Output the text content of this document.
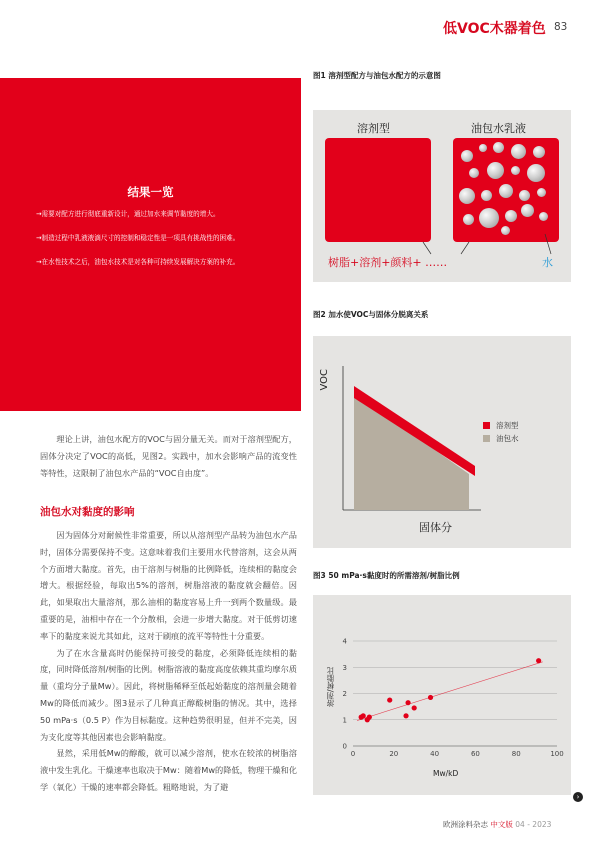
低VOC木器着色 83
结果一览
→需要对配方进行彻底重新设计，通过加水来调节黏度的增大。
→制造过程中乳液液滴尺寸的控制和稳定性是一项具有挑战性的困难。
→在水性技术之后，油包水技术是对各种可持续发展解决方案的补充。

理论上讲，油包水配方的VOC与固分量无关。而对于溶剂型配方，固体分决定了VOC的高低，见图2。实践中，加水会影响产品的流变性等特性，这限制了油包水产品的“VOC自由度”。

油包水对黏度的影响

因为固体分对耐候性非常重要，所以从溶剂型产品转为油包水产品时，固体分需要保持不变。这意味着我们主要用水代替溶剂，这会从两个方面增大黏度。首先，由于溶剂与树脂的比例降低，连续相的黏度会增大。根据经验，每取出5%的溶剂，树脂溶液的黏度就会翻倍。因此，如果取出大量溶剂，那么油相的黏度容易上升一到两个数量级。最重要的是，油相中存在一个分散相，会进一步增大黏度。对于低剪切速率下的黏度来说尤其如此，这对于刷痕的流平等特性十分重要。

为了在水含量高时仍能保持可接受的黏度，必须降低连续相的黏度，同时降低溶剂/树脂的比例。树脂溶液的黏度高度依赖其重均摩尔质量（重均分子量Mw）。因此，将树脂稀释至低起始黏度的溶剂量会随着Mw的降低而减少。图3显示了几种真正醇酸树脂的情况。其中，选择50 mPa·s（0.5 P）作为目标黏度。这种趋势很明显，但并不完美，因为支化度等其他因素也会影响黏度。

显然，采用低Mw的醇酸，就可以减少溶剂，使水在较浓的树脂溶液中发生乳化。干燥速率也取决于Mw：随着Mw的降低，物理干燥和化学（氧化）干燥的速率都会降低。粗略地说，为了避

图1 溶剂型配方与油包水配方的示意图
溶剂型	油包水乳液
树脂+溶剂+颜料+ ……	水
图2 加水使VOC与固体分脱离关系
VOC
溶剂型
油包水
固体分
图3 50 mPa·s黏度时的所需溶剂/树脂比例
溶剂/树脂比
0
1
2
3
4
0	20	40	60	80	100
Mw/kD
›
欧洲涂料杂志 中文版 04 - 2023
